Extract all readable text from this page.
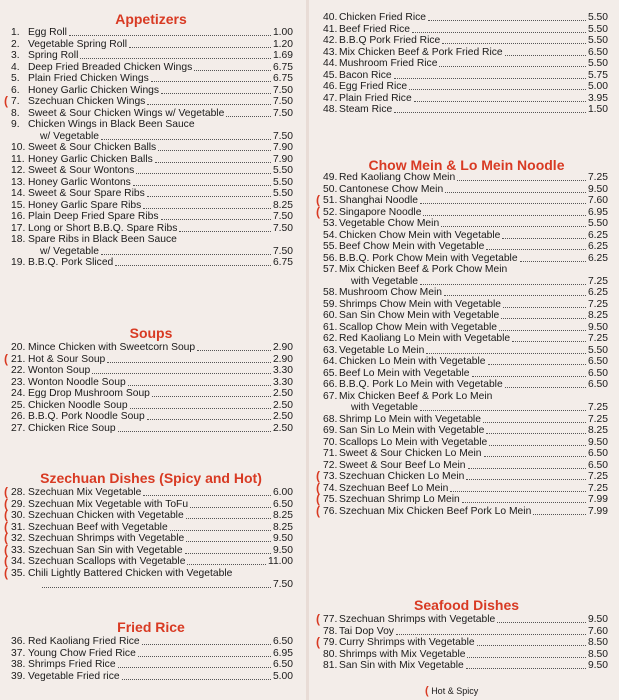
Appetizers
1. Egg Roll	1.00
2. Vegetable Spring Roll	1.20
3. Spring Roll	1.69
4. Deep Fried Breaded Chicken Wings	6.75
5. Plain Fried Chicken Wings	6.75
6. Honey Garlic Chicken Wings	7.50
( 7. Szechuan Chicken Wings	7.50
8. Sweet & Sour Chicken Wings w/ Vegetable	7.50
9. Chicken Wings in Black Been Sauce
w/ Vegetable	7.50
10. Sweet & Sour Chicken Balls	7.90
11. Honey Garlic Chicken Balls	7.90
12. Sweet & Sour Wontons	5.50
13. Honey Garlic Wontons	5.50
14. Sweet & Sour Spare Ribs	5.50
15. Honey Garlic Spare Ribs	8.25
16. Plain Deep Fried Spare Ribs	7.50
17. Long or Short B.B.Q. Spare Ribs	7.50
18. Spare Ribs in Black Been Sauce
w/ Vegetable	7.50
19. B.B.Q. Pork Sliced	6.75
Soups
20. Mince Chicken with Sweetcorn Soup	2.90
( 21. Hot & Sour Soup	2.90
22. Wonton Soup	3.30
23. Wonton Noodle Soup	3.30
24. Egg Drop Mushroom Soup	2.50
25. Chicken Noodle Soup	2.50
26. B.B.Q. Pork Noodle Soup	2.50
27. Chicken Rice Soup	2.50
Szechuan Dishes (Spicy and Hot)
( 28. Szechuan Mix Vegetable	6.00
( 29. Szechuan Mix Vegetable with ToFu	6.50
( 30. Szechuan Chicken with Vegetable	8.25
( 31. Szechuan Beef with Vegetable	8.25
( 32. Szechuan Shrimps with Vegetable	9.50
( 33. Szechuan San Sin with Vegetable	9.50
( 34. Szechuan Scallops with Vegetable	11.00
( 35. Chili Lightly Battered Chicken with Vegetable
7.50
Fried Rice
36. Red Kaoliang Fried Rice	6.50
37. Young Chow Fried Rice	6.95
38. Shrimps Fried Rice	6.50
39. Vegetable Fried rice	5.00
40. Chicken Fried Rice	5.50
41. Beef Fried Rice	5.50
42. B.B.Q Pork Fried Rice	5.50
43. Mix Chicken Beef & Pork Fried Rice	6.50
44. Mushroom Fried Rice	5.50
45. Bacon Rice	5.75
46. Egg Fried Rice	5.00
47. Plain Fried Rice	3.95
48. Steam Rice	1.50
Chow Mein & Lo Mein Noodle
49. Red Kaoliang Chow Mein	7.25
50. Cantonese Chow Mein	9.50
( 51. Shanghai Noodle	7.60
( 52. Singapore Noodle	6.95
53. Vegetable Chow Mein	5.50
54. Chicken Chow Mein with Vegetable	6.25
55. Beef Chow Mein with Vegetable	6.25
56. B.B.Q. Pork Chow Mein with Vegetable	6.25
57. Mix Chicken Beef & Pork Chow Mein
with Vegetable	7.25
58. Mushroom Chow Mein	6.25
59. Shrimps Chow Mein with Vegetable	7.25
60. San Sin Chow Mein with Vegetable	8.25
61. Scallop Chow Mein with Vegetable	9.50
62. Red Kaoliang Lo Mein with Vegetable	7.25
63. Vegetable Lo Mein	5.50
64. Chicken Lo Mein with Vegetable	6.50
65. Beef Lo Mein with Vegetable	6.50
66. B.B.Q. Pork Lo Mein with Vegetable	6.50
67. Mix Chicken Beef & Pork Lo Mein
with Vegetable	7.25
68. Shrimp Lo Mein with Vegetable	7.25
69. San Sin Lo Mein with Vegetable	8.25
70. Scallops Lo Mein with Vegetable	9.50
71. Sweet & Sour Chicken Lo Mein	6.50
72. Sweet & Sour Beef Lo Mein	6.50
( 73. Szechuan Chicken Lo Mein	7.25
( 74. Szechuan Beef Lo Mein	7.25
( 75. Szechuan Shrimp Lo Mein	7.99
( 76. Szechuan Mix Chicken Beef Pork Lo Mein	7.99
Seafood Dishes
( 77. Szechuan Shrimps with Vegetable	9.50
78. Tai Dop Voy	7.60
( 79. Curry Shrimps with Vegetable	8.50
80. Shrimps with Mix Vegetable	8.50
81. San Sin with Mix Vegetable	9.50
( Hot & Spicy
